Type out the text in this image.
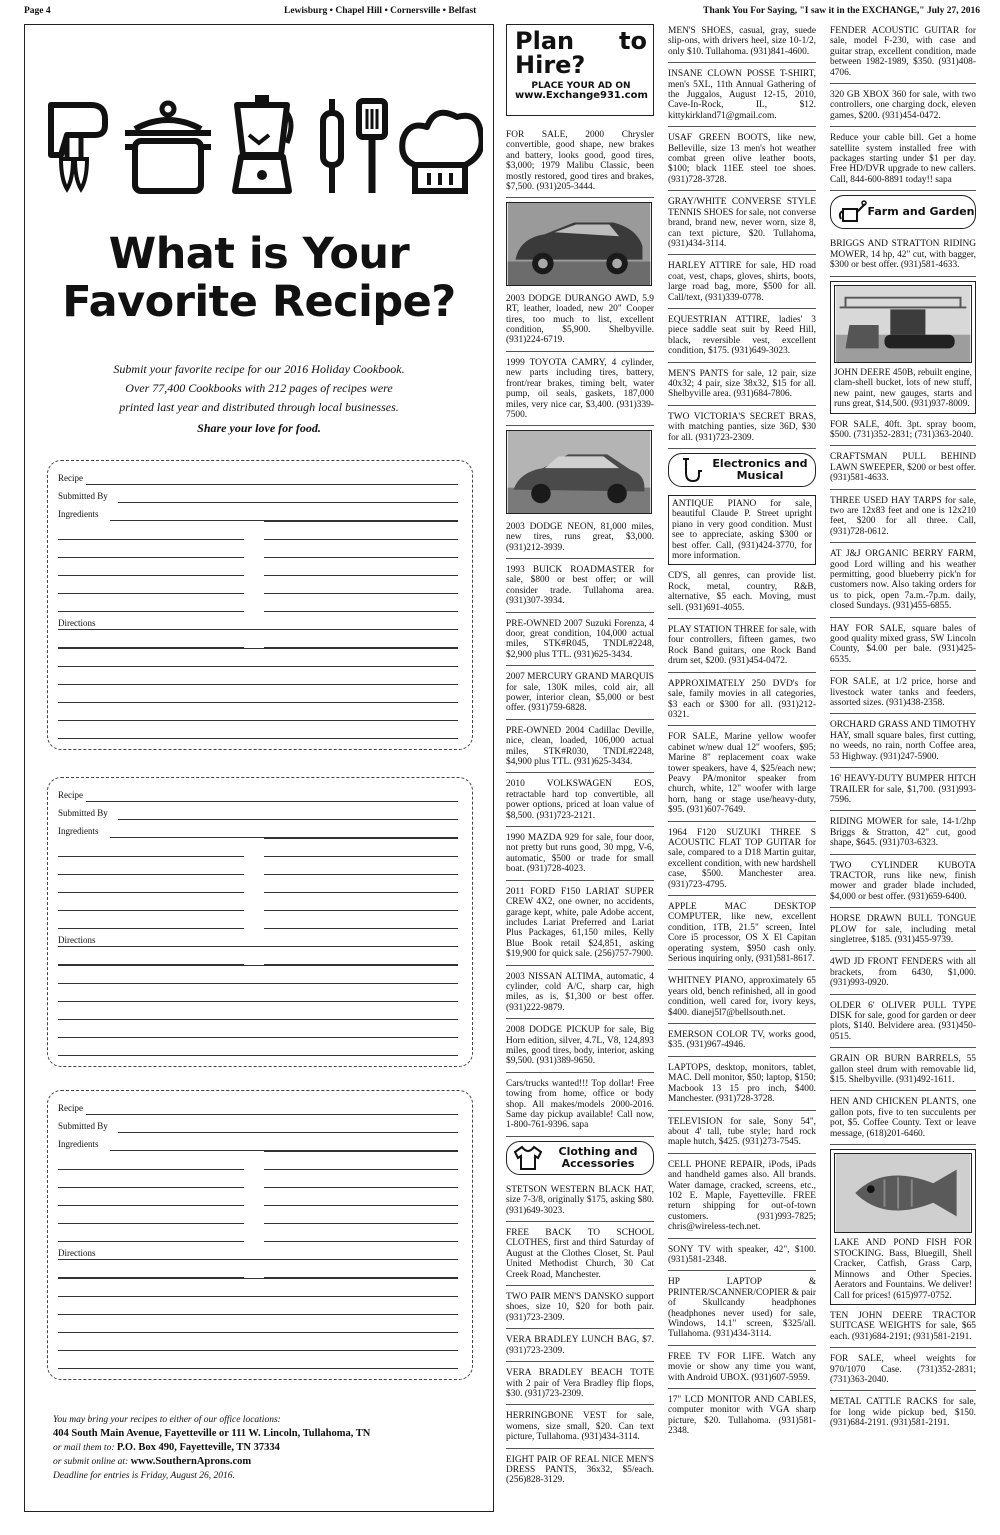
Page 4	Lewisburg • Chapel Hill • Cornersville • Belfast	Thank You For Saying, "I saw it in the EXCHANGE," July 27, 2016
What is Your
Favorite Recipe?
Submit your favorite recipe for our 2016 Holiday Cookbook.
Over 77,400 Cookbooks with 212 pages of recipes were
printed last year and distributed through local businesses.
Share your love for food.
Recipe
Submitted By
Ingredients
Directions
Recipe
Submitted By
Ingredients
Directions
Recipe
Submitted By
Ingredients
Directions
You may bring your recipes to either of our office locations:
404 South Main Avenue, Fayetteville or 111 W. Lincoln, Tullahoma, TN
or mail them to: P.O. Box 490, Fayetteville, TN 37334
or submit online at: www.SouthernAprons.com
Deadline for entries is Friday, August 26, 2016.
Plan to Hire?
PLACE YOUR AD ON
www.Exchange931.com
FOR SALE, 2000 Chrysler convertible, good shape, new brakes and battery, looks good, good tires, $3,000; 1979 Malibu Classic, been mostly restored, good tires and brakes, $7,500. (931)205-3444.
2003 DODGE DURANGO AWD, 5.9 RT, leather, loaded, new 20" Cooper tires, too much to list, excellent condition, $5,900. Shelbyville. (931)224-6719.
1999 TOYOTA CAMRY, 4 cylinder, new parts including tires, battery, front/rear brakes, timing belt, water pump, oil seals, gaskets, 187,000 miles, very nice car, $3,400. (931)339-7500.
2003 DODGE NEON, 81,000 miles, new tires, runs great, $3,000. (931)212-3939.
1993 BUICK ROADMASTER for sale, $800 or best offer; or will consider trade. Tullahoma area. (931)307-3934.
PRE-OWNED 2007 Suzuki Forenza, 4 door, great condition, 104,000 actual miles, STK#R045, TNDL#2248, $2,900 plus TTL. (931)625-3434.
2007 MERCURY GRAND MARQUIS for sale, 130K miles, cold air, all power, interior clean, $5,000 or best offer. (931)759-6828.
PRE-OWNED 2004 Cadillac Deville, nice, clean, loaded, 106,000 actual miles, STK#R030, TNDL#2248, $4,900 plus TTL. (931)625-3434.
2010 VOLKSWAGEN EOS, retractable hard top convertible, all power options, priced at loan value of $8,500. (931)723-2121.
1990 MAZDA 929 for sale, four door, not pretty but runs good, 30 mpg, V-6, automatic, $500 or trade for small boat. (931)728-4023.
2011 FORD F150 LARIAT SUPER CREW 4X2, one owner, no accidents, garage kept, white, pale Adobe accent, includes Lariat Preferred and Lariat Plus Packages, 61,150 miles, Kelly Blue Book retail $24,851, asking $19,900 for quick sale. (256)757-7900.
2003 NISSAN ALTIMA, automatic, 4 cylinder, cold A/C, sharp car, high miles, as is, $1,300 or best offer. (931)222-9879.
2008 DODGE PICKUP for sale, Big Horn edition, silver, 4.7L, V8, 124,893 miles, good tires, body, interior, asking $9,500. (931)389-9650.
Cars/trucks wanted!!! Top dollar! Free towing from home, office or body shop. All makes/models 2000-2016. Same day pickup available! Call now, 1-800-761-9396. sapa
Clothing and Accessories
STETSON WESTERN BLACK HAT, size 7-3/8, originally $175, asking $80. (931)649-3023.
FREE BACK TO SCHOOL CLOTHES, first and third Saturday of August at the Clothes Closet, St. Paul United Methodist Church, 30 Cat Creek Road, Manchester.
TWO PAIR MEN'S DANSKO support shoes, size 10, $20 for both pair. (931)723-2309.
VERA BRADLEY LUNCH BAG, $7. (931)723-2309.
VERA BRADLEY BEACH TOTE with 2 pair of Vera Bradley flip flops, $30. (931)723-2309.
HERRINGBONE VEST for sale, womens, size small, $20. Can text picture, Tullahoma. (931)434-3114.
EIGHT PAIR OF REAL NICE MEN'S DRESS PANTS, 36x32, $5/each. (256)828-3129.
MEN'S SHOES, casual, gray, suede slip-ons, with drivers heel, size 10-1/2, only $10. Tullahoma. (931)841-4600.
INSANE CLOWN POSSE T-SHIRT, men's 5XL, 11th Annual Gathering of the Juggalos, August 12-15, 2010, Cave-In-Rock, IL, $12. kittykirkland71@gmail.com.
USAF GREEN BOOTS, like new, Belleville, size 13 men's hot weather combat green olive leather boots, $100; black 11EE steel toe shoes. (931)728-3728.
GRAY/WHITE CONVERSE STYLE TENNIS SHOES for sale, not converse brand, brand new, never worn, size 8, can text picture, $20. Tullahoma, (931)434-3114.
HARLEY ATTIRE for sale, HD road coat, vest, chaps, gloves, shirts, boots, large road bag, more, $500 for all. Call/text, (931)339-0778.
EQUESTRIAN ATTIRE, ladies' 3 piece saddle seat suit by Reed Hill, black, reversible vest, excellent condition, $175. (931)649-3023.
MEN'S PANTS for sale, 12 pair, size 40x32; 4 pair, size 38x32, $15 for all. Shelbyville area. (931)684-7806.
TWO VICTORIA'S SECRET BRAS, with matching panties, size 36D, $30 for all. (931)723-2309.
Electronics and Musical
ANTIQUE PIANO for sale, beautiful Claude P. Street upright piano in very good condition. Must see to appreciate, asking $300 or best offer. Call, (931)424-3770, for more information.
CD'S, all genres, can provide list. Rock, metal, country, R&B, alternative, $5 each. Moving, must sell. (931)691-4055.
PLAY STATION THREE for sale, with four controllers, fifteen games, two Rock Band guitars, one Rock Band drum set, $200. (931)454-0472.
APPROXIMATELY 250 DVD's for sale, family movies in all categories, $3 each or $300 for all. (931)212-0321.
FOR SALE, Marine yellow woofer cabinet w/new dual 12" woofers, $95; Marine 8" replacement coax wake tower speakers, have 4, $25/each new; Peavy PA/monitor speaker from church, white, 12" woofer with large horn, hang or stage use/heavy-duty, $95. (931)607-7649.
1964 F120 SUZUKI THREE S ACOUSTIC FLAT TOP GUITAR for sale, compared to a D18 Martin guitar, excellent condition, with new hardshell case, $500. Manchester area. (931)723-4795.
APPLE MAC DESKTOP COMPUTER, like new, excellent condition, 1TB, 21.5" screen, Intel Core i5 processor, OS X El Capitan operating system, $950 cash only. Serious inquiring only, (931)581-8617.
WHITNEY PIANO, approximately 65 years old, bench refinished, all in good condition, well cared for, ivory keys, $400. dianej5l7@bellsouth.net.
EMERSON COLOR TV, works good, $35. (931)967-4946.
LAPTOPS, desktop, monitors, tablet, MAC. Dell monitor, $50; laptop, $150; Macbook 13 15 pro inch, $400. Manchester. (931)728-3728.
TELEVISION for sale, Sony 54", about 4' tall, tube style; hard rock maple hutch, $425. (931)273-7545.
CELL PHONE REPAIR, iPods, iPads and handheld games also. All brands. Water damage, cracked, screens, etc., 102 E. Maple, Fayetteville. FREE return shipping for out-of-town customers. (931)993-7825; chris@wireless-tech.net.
SONY TV with speaker, 42", $100. (931)581-2348.
HP LAPTOP & PRINTER/SCANNER/COPIER & pair of Skullcandy headphones (headphones never used) for sale, Windows, 14.1" screen, $325/all. Tullahoma. (931)434-3114.
FREE TV FOR LIFE. Watch any movie or show any time you want, with Android UBOX. (931)607-5959.
17" LCD MONITOR AND CABLES, computer monitor with VGA sharp picture, $20. Tullahoma. (931)581-2348.
FENDER ACOUSTIC GUITAR for sale, model F-230, with case and guitar strap, excellent condition, made between 1982-1989, $350. (931)408-4706.
320 GB XBOX 360 for sale, with two controllers, one charging dock, eleven games, $200. (931)454-0472.
Reduce your cable bill. Get a home satellite system installed free with packages starting under $1 per day. Free HD/DVR upgrade to new callers. Call, 844-600-8891 today!! sapa
Farm and Garden
BRIGGS AND STRATTON RIDING MOWER, 14 hp, 42" cut, with bagger, $300 or best offer. (931)581-4633.
JOHN DEERE 450B, rebuilt engine, clam-shell bucket, lots of new stuff, new paint, new gauges, starts and runs great, $14,500. (931)937-8009.
FOR SALE, 40ft. 3pt. spray boom, $500. (731)352-2831; (731)363-2040.
CRAFTSMAN PULL BEHIND LAWN SWEEPER, $200 or best offer. (931)581-4633.
THREE USED HAY TARPS for sale, two are 12x83 feet and one is 12x210 feet, $200 for all three. Call, (931)728-0612.
AT J&J ORGANIC BERRY FARM, good Lord willing and his weather permitting, good blueberry pick'n for customers now. Also taking orders for us to pick, open 7a.m.-7p.m. daily, closed Sundays. (931)455-6855.
HAY FOR SALE, square bales of good quality mixed grass, SW Lincoln County, $4.00 per bale. (931)425-6535.
FOR SALE, at 1/2 price, horse and livestock water tanks and feeders, assorted sizes. (931)438-2358.
ORCHARD GRASS AND TIMOTHY HAY, small square bales, first cutting, no weeds, no rain, north Coffee area, 53 Highway. (931)247-5900.
16' HEAVY-DUTY BUMPER HITCH TRAILER for sale, $1,700. (931)993-7596.
RIDING MOWER for sale, 14-1/2hp Briggs & Stratton, 42" cut, good shape, $645. (931)703-6323.
TWO CYLINDER KUBOTA TRACTOR, runs like new, finish mower and grader blade included, $4,000 or best offer. (931)659-6400.
HORSE DRAWN BULL TONGUE PLOW for sale, including metal singletree, $185. (931)455-9739.
4WD JD FRONT FENDERS with all brackets, from 6430, $1,000. (931)993-0920.
OLDER 6' OLIVER PULL TYPE DISK for sale, good for garden or deer plots, $140. Belvidere area. (931)450-0515.
GRAIN OR BURN BARRELS, 55 gallon steel drum with removable lid, $15. Shelbyville. (931)492-1611.
HEN AND CHICKEN PLANTS, one gallon pots, five to ten succulents per pot, $5. Coffee County. Text or leave message, (618)201-6460.
LAKE AND POND FISH FOR STOCKING. Bass, Bluegill, Shell Cracker, Catfish, Grass Carp, Minnows and Other Species. Aerators and Fountains. We deliver! Call for prices! (615)977-0752.
TEN JOHN DEERE TRACTOR SUITCASE WEIGHTS for sale, $65 each. (931)684-2191; (931)581-2191.
FOR SALE, wheel weights for 970/1070 Case. (731)352-2831; (731)363-2040.
METAL CATTLE RACKS for sale, for long wide pickup bed, $150. (931)684-2191. (931)581-2191.
